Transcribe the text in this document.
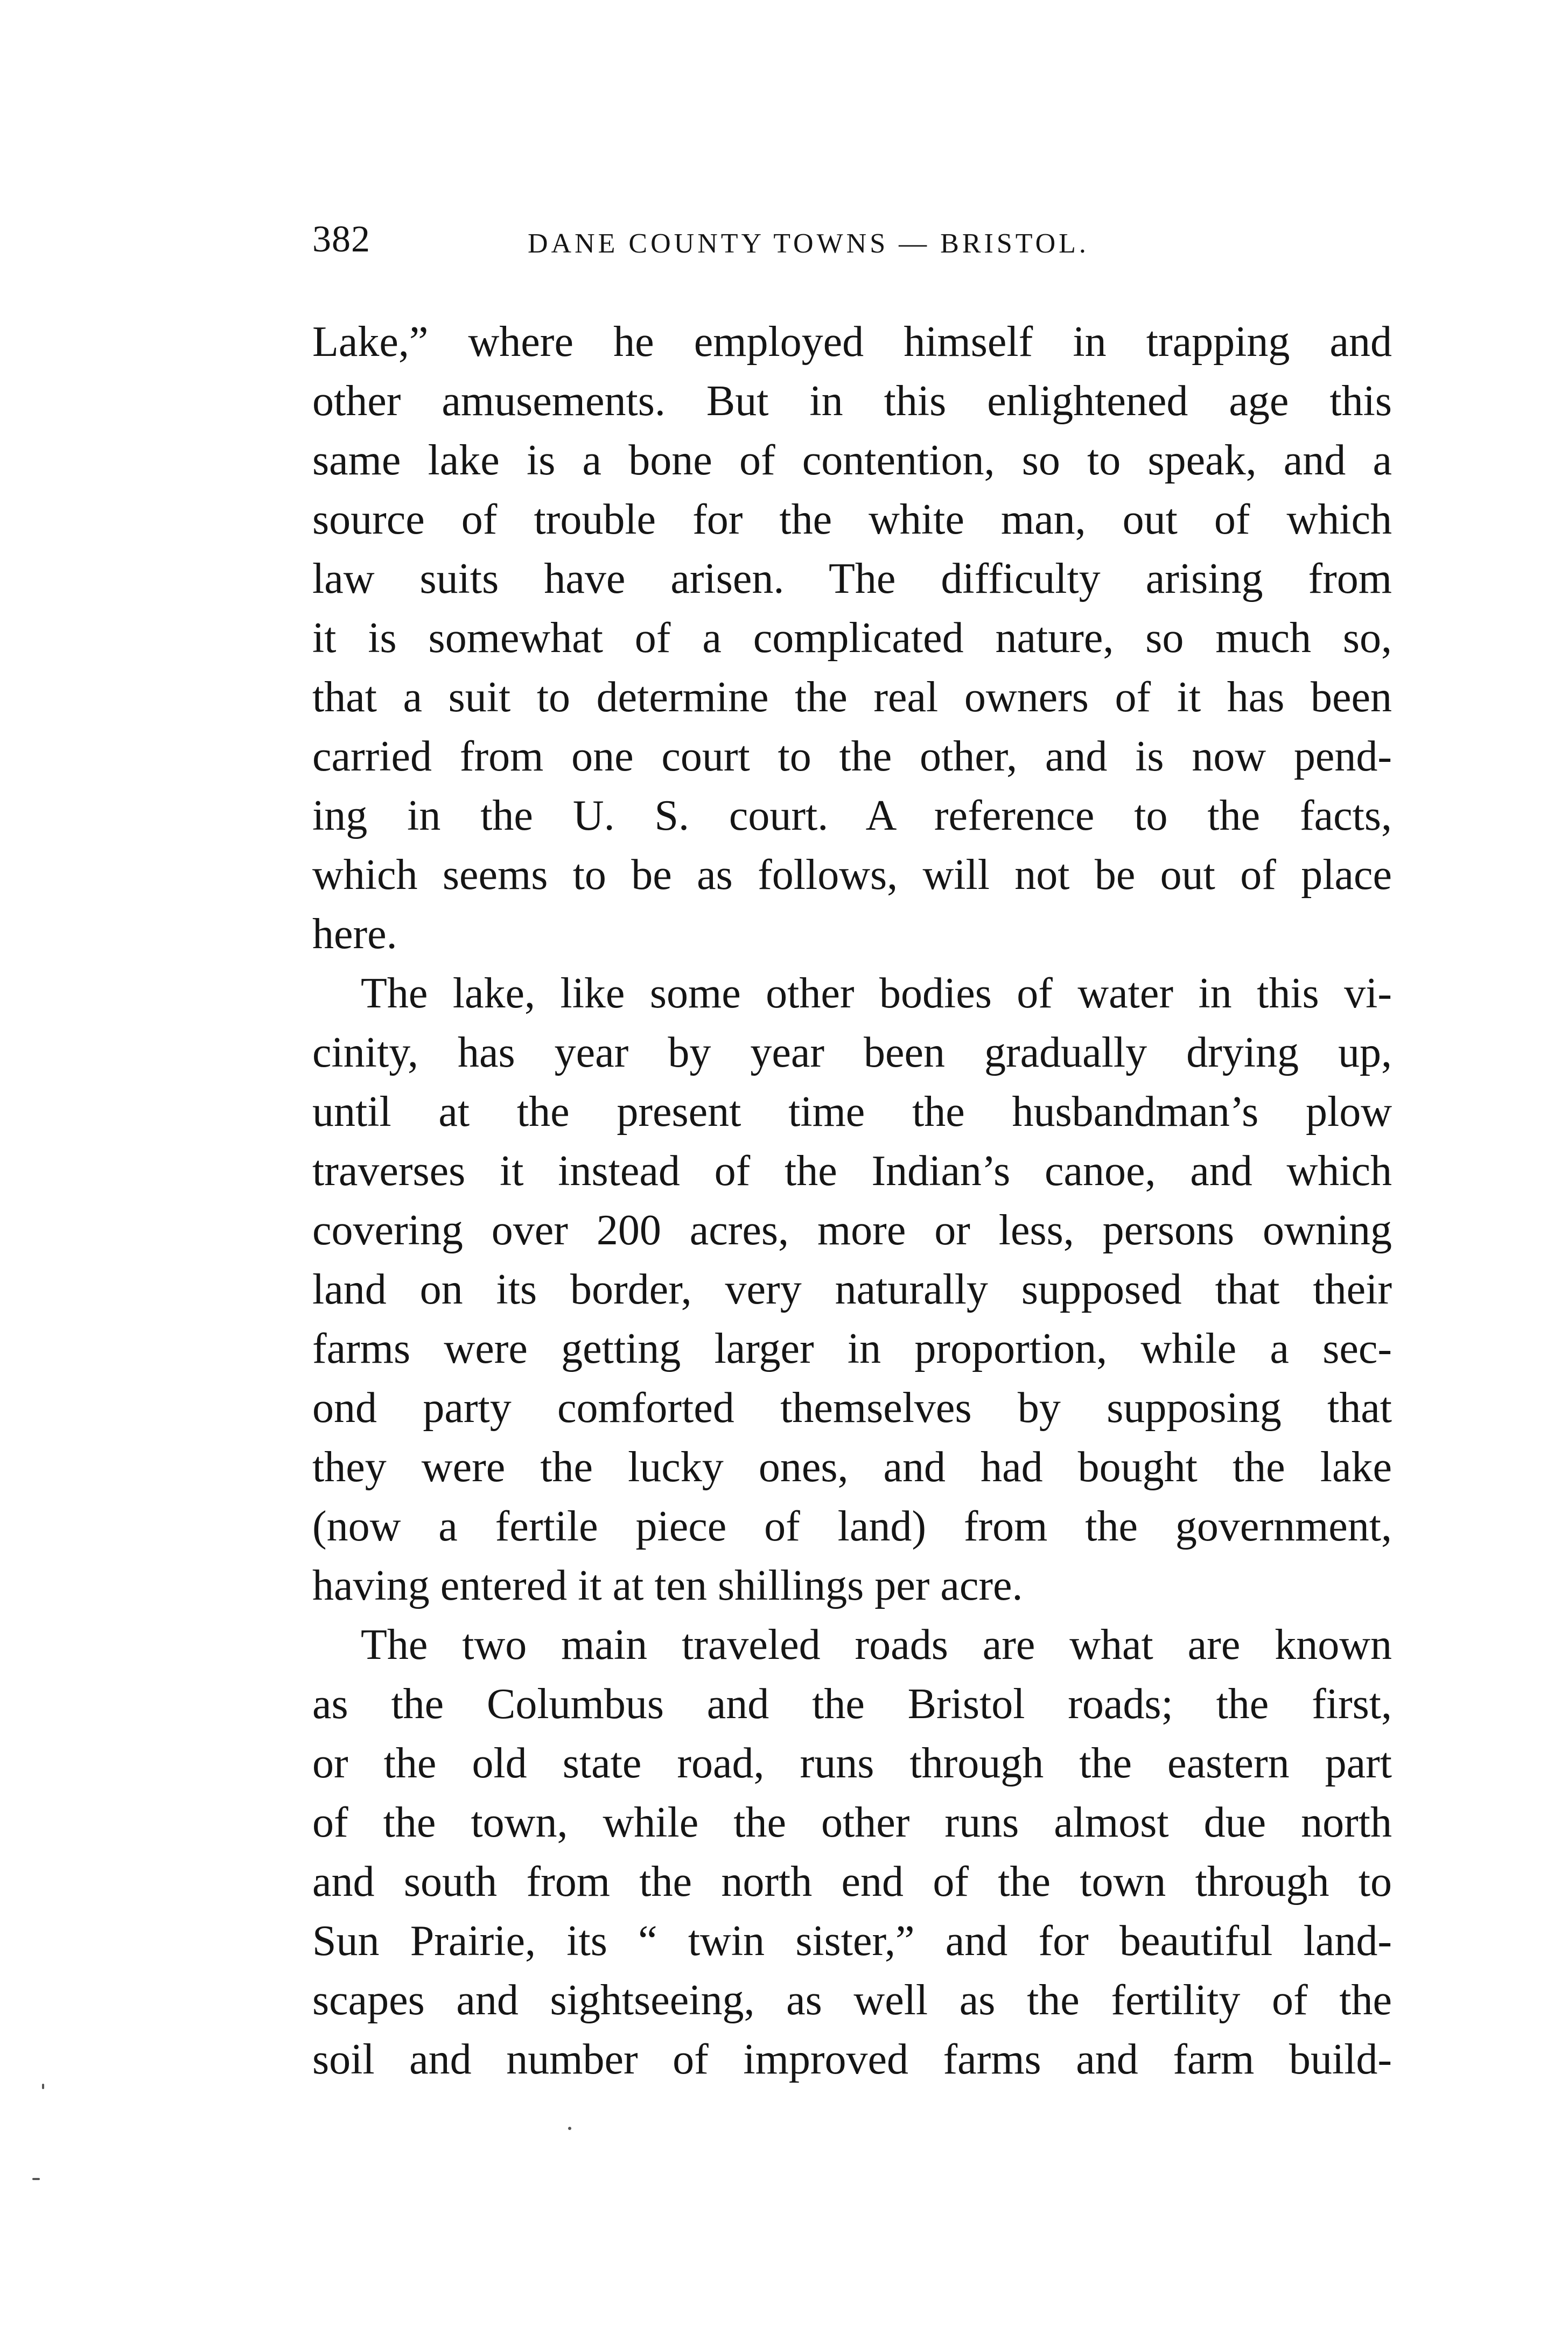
382	DANE COUNTY TOWNS — BRISTOL.
Lake,” where he employed himself in trapping and
other amusements. But in this enlightened age this
same lake is a bone of contention, so to speak, and a
source of trouble for the white man, out of which
law suits have arisen. The difficulty arising from
it is somewhat of a complicated nature, so much so,
that a suit to determine the real owners of it has been
carried from one court to the other, and is now pend-
ing in the U. S. court. A reference to the facts,
which seems to be as follows, will not be out of place
here.
The lake, like some other bodies of water in this vi-
cinity, has year by year been gradually drying up,
until at the present time the husbandman’s plow
traverses it instead of the Indian’s canoe, and which
covering over 200 acres, more or less, persons owning
land on its border, very naturally supposed that their
farms were getting larger in proportion, while a sec-
ond party comforted themselves by supposing that
they were the lucky ones, and had bought the lake
(now a fertile piece of land) from the government,
having entered it at ten shillings per acre.
The two main traveled roads are what are known
as the Columbus and the Bristol roads; the first,
or the old state road, runs through the eastern part
of the town, while the other runs almost due north
and south from the north end of the town through to
Sun Prairie, its “ twin sister,” and for beautiful land-
scapes and sightseeing, as well as the fertility of the
soil and number of improved farms and farm build-
